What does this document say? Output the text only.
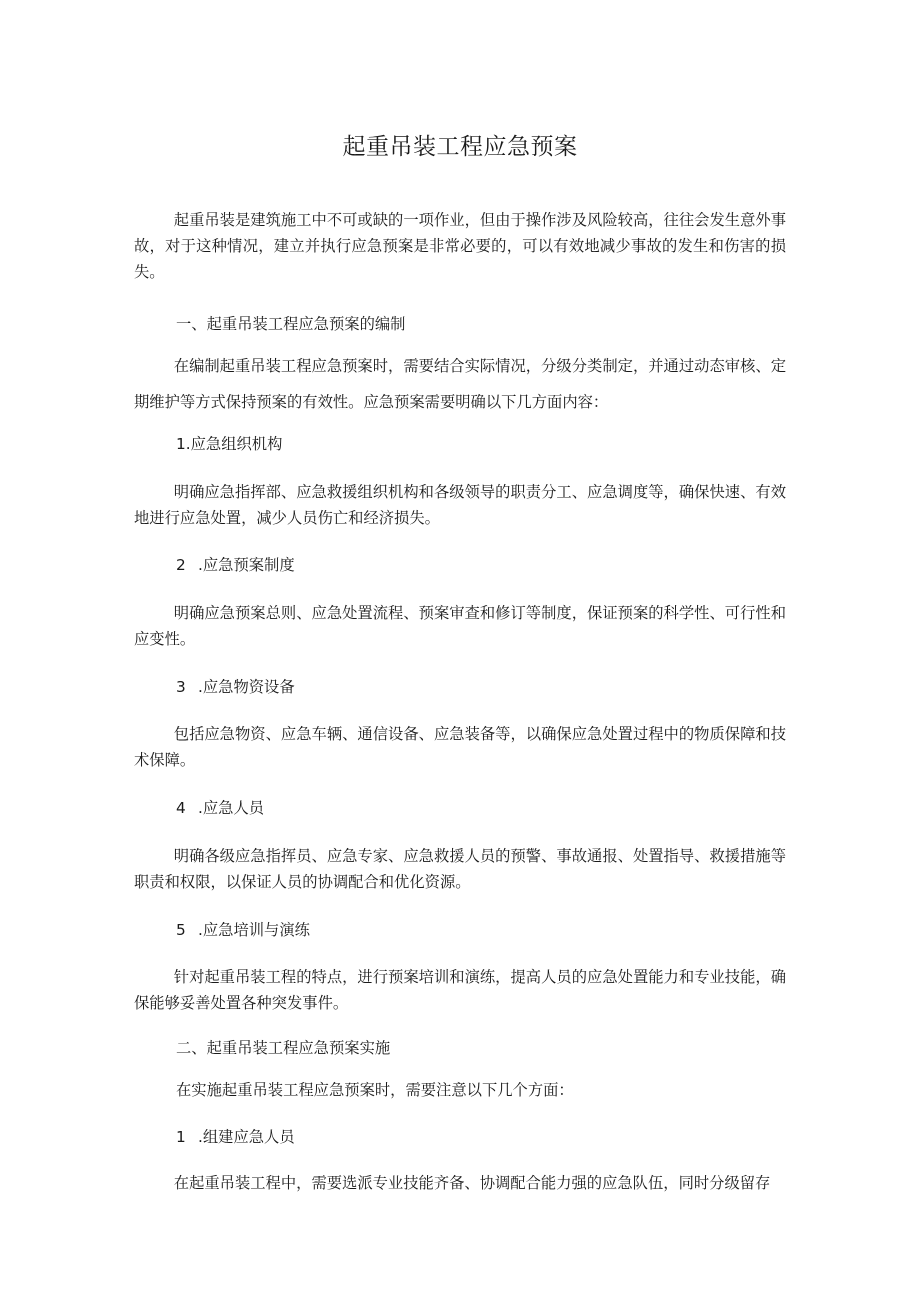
起重吊装工程应急预案

起重吊装是建筑施工中不可或缺的一项作业，但由于操作涉及风险较高，往往会发生意外事故，对于这种情况，建立并执行应急预案是非常必要的，可以有效地减少事故的发生和伤害的损失。

一、起重吊装工程应急预案的编制

在编制起重吊装工程应急预案时，需要结合实际情况，分级分类制定，并通过动态审核、定期维护等方式保持预案的有效性。应急预案需要明确以下几方面内容：

1.应急组织机构

明确应急指挥部、应急救援组织机构和各级领导的职责分工、应急调度等，确保快速、有效地进行应急处置，减少人员伤亡和经济损失。

2 .应急预案制度

明确应急预案总则、应急处置流程、预案审查和修订等制度，保证预案的科学性、可行性和应变性。

3 .应急物资设备

包括应急物资、应急车辆、通信设备、应急装备等，以确保应急处置过程中的物质保障和技术保障。

4 .应急人员

明确各级应急指挥员、应急专家、应急救援人员的预警、事故通报、处置指导、救援措施等职责和权限，以保证人员的协调配合和优化资源。

5 .应急培训与演练

针对起重吊装工程的特点，进行预案培训和演练，提高人员的应急处置能力和专业技能，确保能够妥善处置各种突发事件。

二、起重吊装工程应急预案实施

在实施起重吊装工程应急预案时，需要注意以下几个方面：

1 .组建应急人员

在起重吊装工程中，需要选派专业技能齐备、协调配合能力强的应急队伍，同时分级留存
